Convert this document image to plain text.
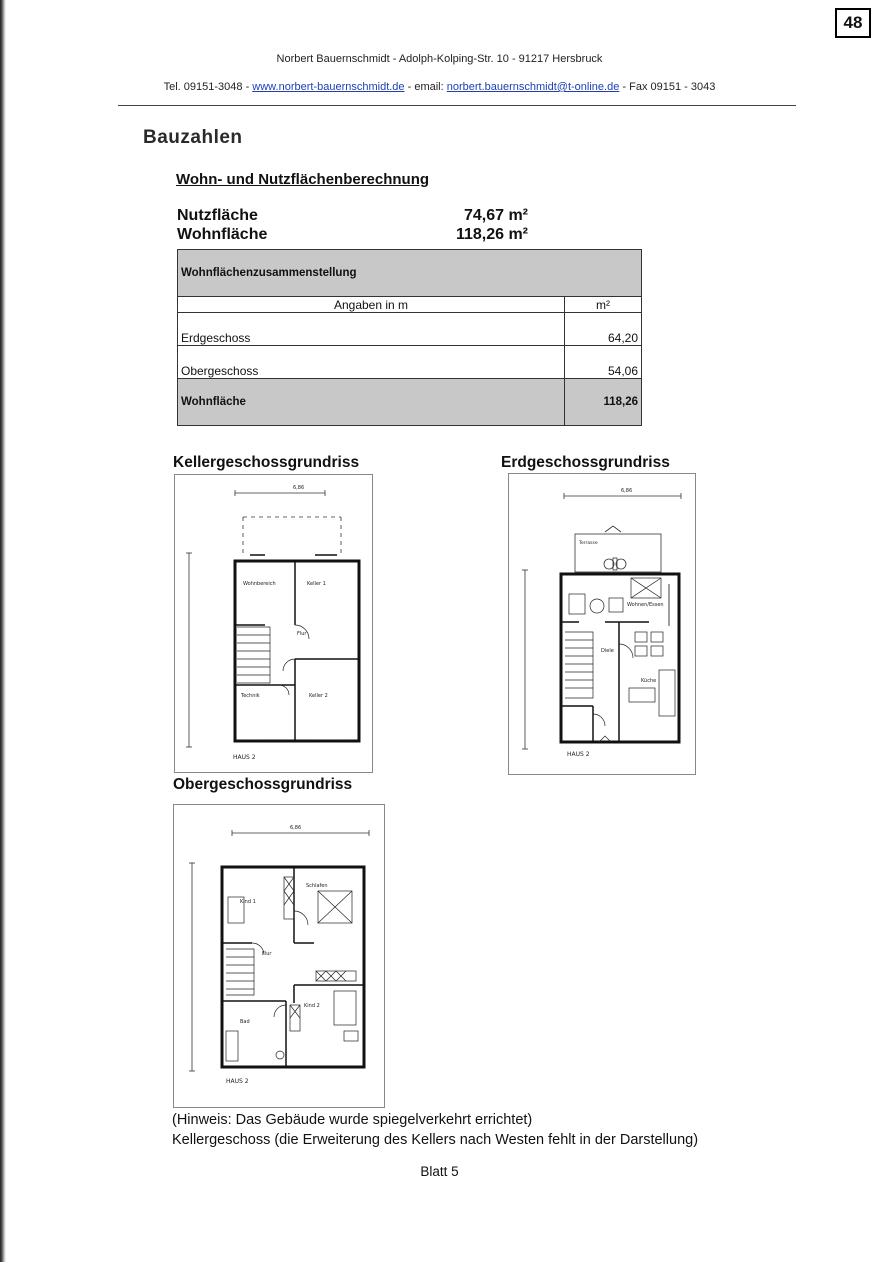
48
Norbert Bauernschmidt - Adolph-Kolping-Str. 10 - 91217 Hersbruck
Tel. 09151-3048 - www.norbert-bauernschmidt.de - email: norbert.bauernschmidt@t-online.de - Fax 09151 - 3043
Bauzahlen
Wohn- und Nutzflächenberechnung
Nutzfläche	74,67 m²
Wohnfläche	118,26 m²
Wohnflächenzusammenstellung	
Angaben in m	m²
Erdgeschoss	64,20
Obergeschoss	54,06
Wohnfläche	118,26
Kellergeschossgrundriss
Wohnbereich	Keller 1
Flur
Technik	Keller 2
6,86
HAUS 2
Erdgeschossgrundriss
Terrasse
Wohnen/Essen
Diele
Küche
6,86
HAUS 2
Obergeschossgrundriss
Kind 1
Schlafen
Flur
Bad
Kind 2
6,86
HAUS 2
(Hinweis: Das Gebäude wurde spiegelverkehrt errichtet)
Kellergeschoss (die Erweiterung des Kellers nach Westen fehlt in der Darstellung)
Blatt 5
